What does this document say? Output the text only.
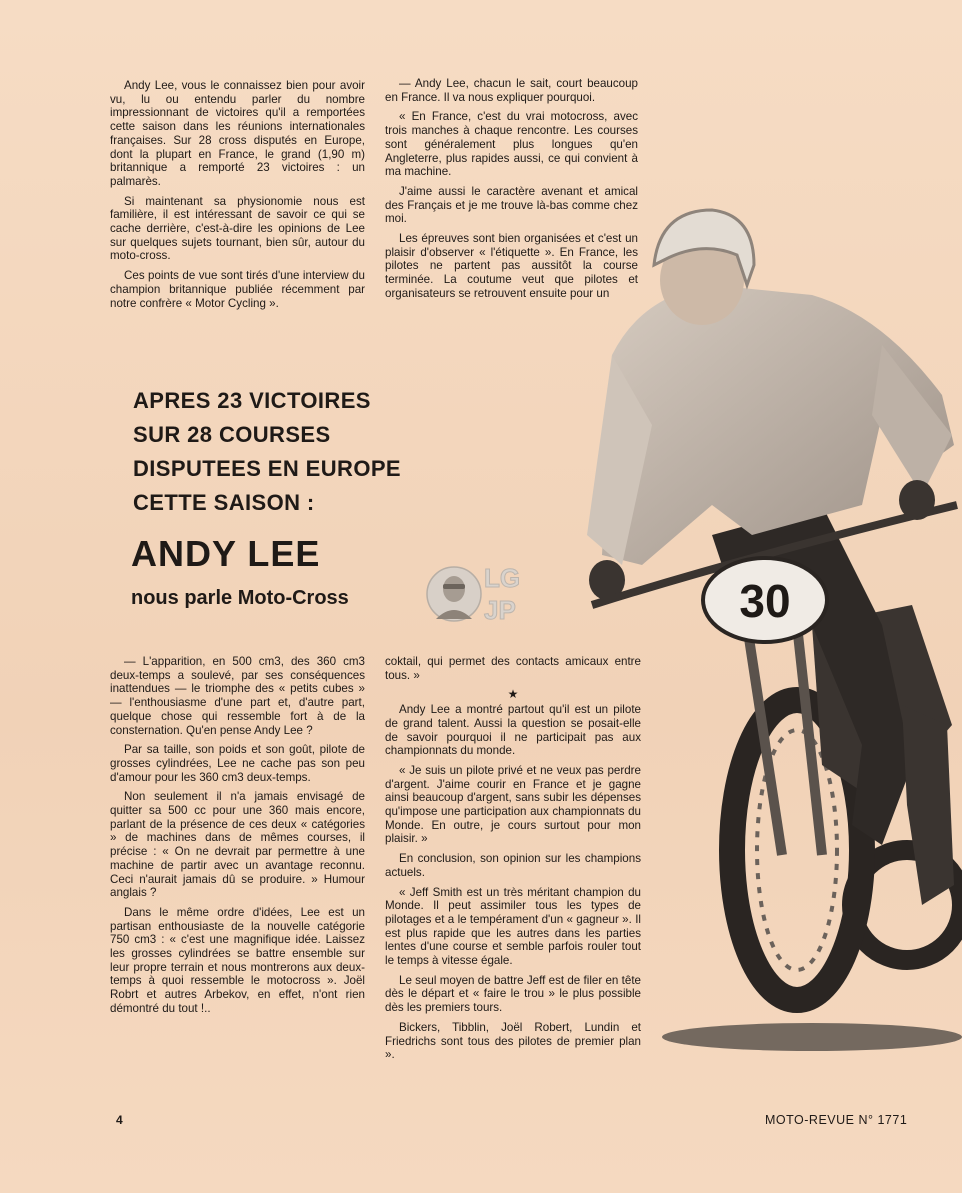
Andy Lee, vous le connaissez bien pour avoir vu, lu ou entendu parler du nombre impressionnant de victoires qu'il a remportées cette saison dans les réunions internationales françaises. Sur 28 cross disputés en Europe, dont la plupart en France, le grand (1,90 m) britannique a remporté 23 victoires : un palmarès.

Si maintenant sa physionomie nous est familière, il est intéressant de savoir ce qui se cache derrière, c'est-à-dire les opinions de Lee sur quelques sujets tournant, bien sûr, autour du moto-cross.

Ces points de vue sont tirés d'une interview du champion britannique publiée récemment par notre confrère « Motor Cycling ».

— Andy Lee, chacun le sait, court beaucoup en France. Il va nous expliquer pourquoi.

« En France, c'est du vrai motocross, avec trois manches à chaque rencontre. Les courses sont généralement plus longues qu'en Angleterre, plus rapides aussi, ce qui convient à ma machine.

J'aime aussi le caractère avenant et amical des Français et je me trouve là-bas comme chez moi.

Les épreuves sont bien organisées et c'est un plaisir d'observer « l'étiquette ». En France, les pilotes ne partent pas aussitôt la course terminée. La coutume veut que pilotes et organisateurs se retrouvent ensuite pour un

APRES 23 VICTOIRES
SUR 28 COURSES
DISPUTEES EN EUROPE
CETTE SAISON :
ANDY LEE
nous parle Moto-Cross
LG
JP	30

— L'apparition, en 500 cm3, des 360 cm3 deux-temps a soulevé, par ses conséquences inattendues — le triomphe des « petits cubes » — l'enthousiasme d'une part et, d'autre part, quelque chose qui ressemble fort à de la consternation. Qu'en pense Andy Lee ?

Par sa taille, son poids et son goût, pilote de grosses cylindrées, Lee ne cache pas son peu d'amour pour les 360 cm3 deux-temps.

Non seulement il n'a jamais envisagé de quitter sa 500 cc pour une 360 mais encore, parlant de la présence de ces deux « catégories » de machines dans de mêmes courses, il précise : « On ne devrait par permettre à une machine de partir avec un avantage reconnu. Ceci n'aurait jamais dû se produire. » Humour anglais ?

Dans le même ordre d'idées, Lee est un partisan enthousiaste de la nouvelle catégorie 750 cm3 : « c'est une magnifique idée. Laissez les grosses cylindrées se battre ensemble sur leur propre terrain et nous montrerons aux deux-temps à quoi ressemble le motocross ». Joël Robrt et autres Arbekov, en effet, n'ont rien démontré du tout !..

coktail, qui permet des contacts amicaux entre tous. »

★

Andy Lee a montré partout qu'il est un pilote de grand talent. Aussi la question se posait-elle de savoir pourquoi il ne participait pas aux championnats du monde.

« Je suis un pilote privé et ne veux pas perdre d'argent. J'aime courir en France et je gagne ainsi beaucoup d'argent, sans subir les dépenses qu'impose une participation aux championnats du Monde. En outre, je cours surtout pour mon plaisir. »

En conclusion, son opinion sur les champions actuels.

« Jeff Smith est un très méritant champion du Monde. Il peut assimiler tous les types de pilotages et a le tempérament d'un « gagneur ». Il est plus rapide que les autres dans les parties lentes d'une course et semble parfois rouler tout le temps à vitesse égale.

Le seul moyen de battre Jeff est de filer en tête dès le départ et « faire le trou » le plus possible dès les premiers tours.

Bickers, Tibblin, Joël Robert, Lundin et Friedrichs sont tous des pilotes de premier plan ».

4	MOTO-REVUE N° 1771
